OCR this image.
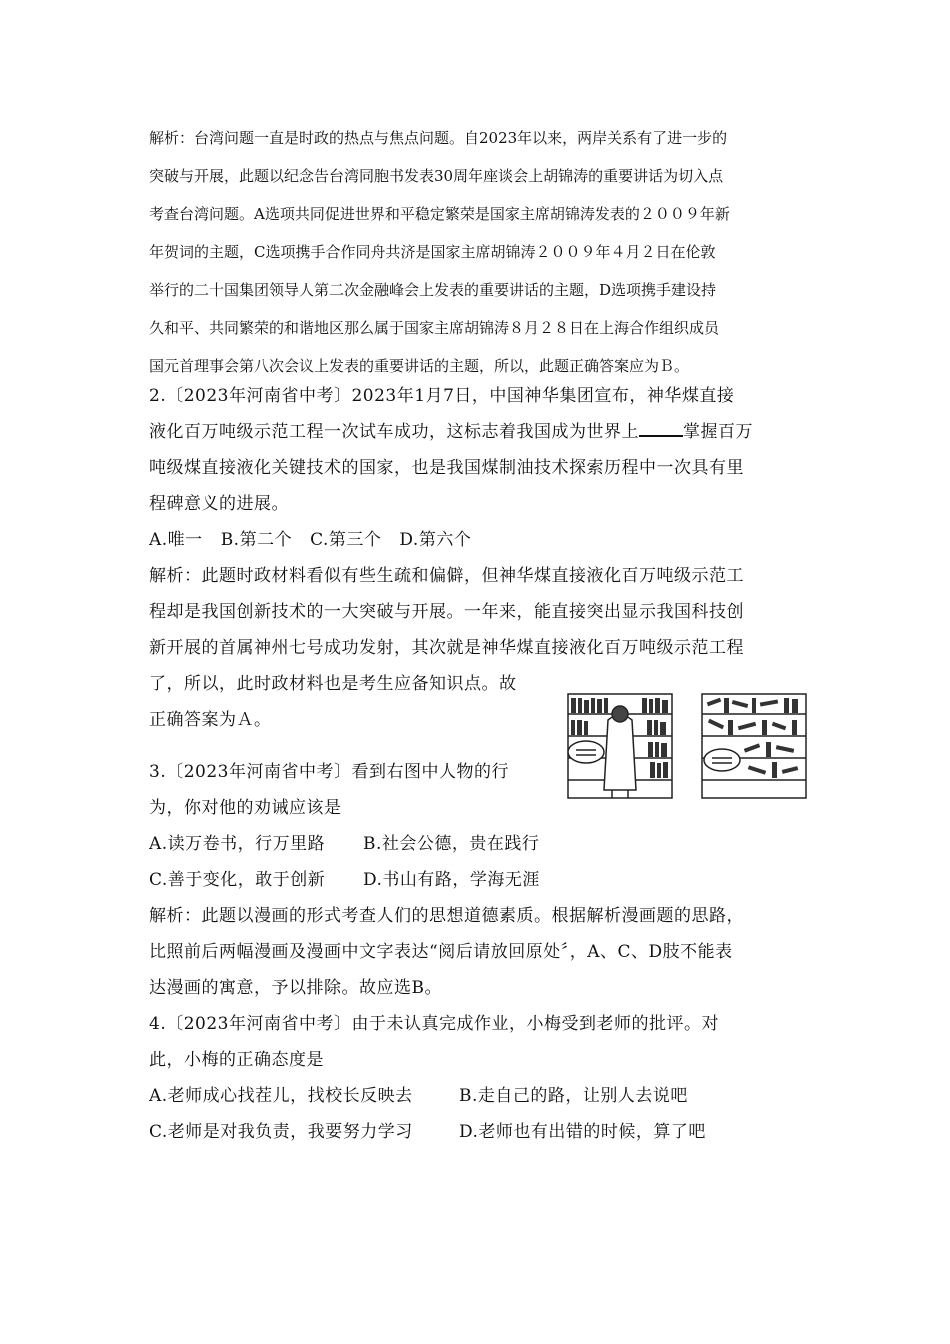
解析：台湾问题一直是时政的热点与焦点问题。自2023年以来，两岸关系有了进一步的
突破与开展，此题以纪念告台湾同胞书发表30周年座谈会上胡锦涛的重要讲话为切入点
考查台湾问题。A选项共同促进世界和平稳定繁荣是国家主席胡锦涛发表的２００９年新
年贺词的主题，C选项携手合作同舟共济是国家主席胡锦涛２００９年４月２日在伦敦
举行的二十国集团领导人第二次金融峰会上发表的重要讲话的主题，D选项携手建设持
久和平、共同繁荣的和谐地区那么属于国家主席胡锦涛８月２８日在上海合作组织成员
国元首理事会第八次会议上发表的重要讲话的主题，所以，此题正确答案应为Ｂ。
2.〔2023年河南省中考〕2023年1月7日，中国神华集团宣布，神华煤直接
液化百万吨级示范工程一次试车成功，这标志着我国成为世界上	掌握百万
吨级煤直接液化关键技术的国家，也是我国煤制油技术探索历程中一次具有里
程碑意义的进展。
A.唯一 B.第二个 C.第三个 D.第六个
解析：此题时政材料看似有些生疏和偏僻，但神华煤直接液化百万吨级示范工
程却是我国创新技术的一大突破与开展。一年来，能直接突出显示我国科技创
新开展的首属神州七号成功发射，其次就是神华煤直接液化百万吨级示范工程
了，所以，此时政材料也是考生应备知识点。故
正确答案为Ａ。
3.〔2023年河南省中考〕看到右图中人物的行
为，你对他的劝诫应该是
A.读万卷书，行万里路 B.社会公德，贵在践行
C.善于变化，敢于创新 D.书山有路，学海无涯
解析：此题以漫画的形式考查人们的思想道德素质。根据解析漫画题的思路，
比照前后两幅漫画及漫画中文字表达“阅后请放回原处〞，A、C、D肢不能表
达漫画的寓意，予以排除。故应选B。
4.〔2023年河南省中考〕由于未认真完成作业，小梅受到老师的批评。对
此，小梅的正确态度是
A.老师成心找茬儿，找校长反映去	B.走自己的路，让别人去说吧
C.老师是对我负责，我要努力学习	D.老师也有出错的时候，算了吧
